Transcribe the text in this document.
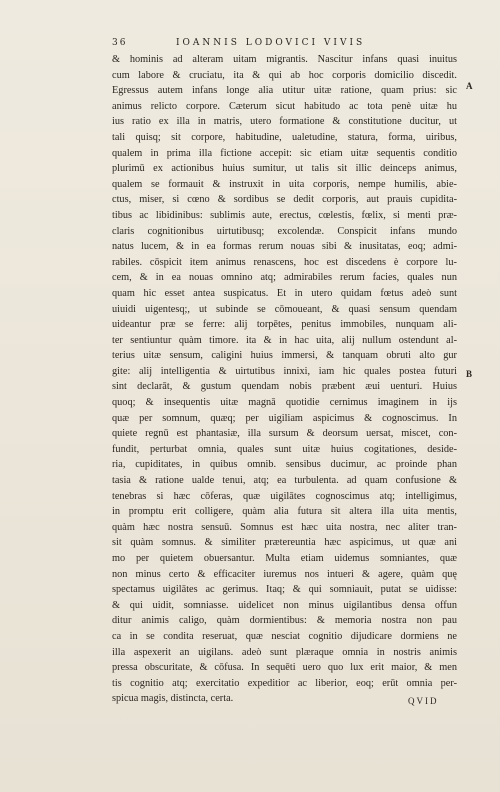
36	IOANNIS LODOVICI VIVIS
A
B
& hominis ad alteram uitam migrantis. Nascitur infans quasi inuitus
cum labore & cruciatu, ita & qui ab hoc corporis domicilio discedit.
Egressus autem infans longe alia utitur uitæ ratione, quam prius: sic
animus relicto corpore. Cæterum sicut habitudo ac tota penè uitæ hu
ius ratio ex illa in matris, utero formatione & constitutione ducitur, ut
tali quisq; sit corpore, habitudine, ualetudine, statura, forma, uiribus,
qualem in prima illa fictione accepit: sic etiam uitæ sequentis conditio
plurimū ex actionibus huius sumitur, ut talis sit illic deinceps animus,
qualem se formauit & instruxit in uita corporis, nempe humilis, abie-
ctus, miser, si cœno & sordibus se dedit corporis, aut prauis cupidita-
tibus ac libidinibus: sublimis aute, erectus, cœlestis, fœlix, si menti præ-
claris cognitionibus uirtutibusq; excolendæ. Conspicit infans mundo
natus lucem, & in ea formas rerum nouas sibi & inusitatas, eoq; admi-
rabiles. cōspicit item animus renascens, hoc est discedens è corpore lu-
cem, & in ea nouas omnino atq; admirabiles rerum facies, quales nun
quam hic esset antea suspicatus. Et in utero quidam fœtus adeò sunt
uiuidi uigentesq;, ut subinde se cōmoueant, & quasi sensum quendam
uideantur præ se ferre: alij torpētes, penitus immobiles, nunquam ali-
ter sentiuntur quàm timore. ita & in hac uita, alij nullum ostendunt al-
terius uitæ sensum, caligini huius immersi, & tanquam obruti alto gur
gite: alij intelligentia & uirtutibus innixi, iam hic quales postea futuri
sint declarāt, & gustum quendam nobis præbent æui uenturi. Huius
quoq; & insequentis uitæ magnā quotidie cernimus imaginem in ijs
quæ per somnum, quæq; per uigiliam aspicimus & cognoscimus. In
quiete regnū est phantasiæ, illa sursum & deorsum uersat, miscet, con-
fundit, perturbat omnia, quales sunt uitæ huius cogitationes, deside-
ria, cupiditates, in quibus omnib. sensibus ducimur, ac proinde phan
tasia & ratione ualde tenui, atq; ea turbulenta. ad quam confusione &
tenebras si hæc cōferas, quæ uigilātes cognoscimus atq; intelligimus,
in promptu erit colligere, quàm alia futura sit altera illa uita mentis,
quàm hæc nostra sensuū. Somnus est hæc uita nostra, nec aliter tran-
sit quàm somnus. & similiter prætereuntia hæc aspicimus, ut quæ ani
mo per quietem obuersantur. Multa etiam uidemus somniantes, quæ
non minus certo & efficaciter iuremus nos intueri & agere, quàm quę
spectamus uigilātes ac gerimus. Itaq; & qui somniauit, putat se uidisse:
& qui uidit, somniasse. uidelicet non minus uigilantibus densa offun
ditur animis caligo, quàm dormientibus: & memoria nostra non pau
ca in se condita reseruat, quæ nesciat cognitio dijudicare dormiens ne
illa aspexerit an uigilans. adeò sunt plæraque omnia in nostris animis
pressa obscuritate, & cōfusa. In sequēti uero quo lux erit maior, & men
tis cognitio atq; exercitatio expeditior ac liberior, eoq; erūt omnia per-
spicua magis, distincta, certa.	QVID
